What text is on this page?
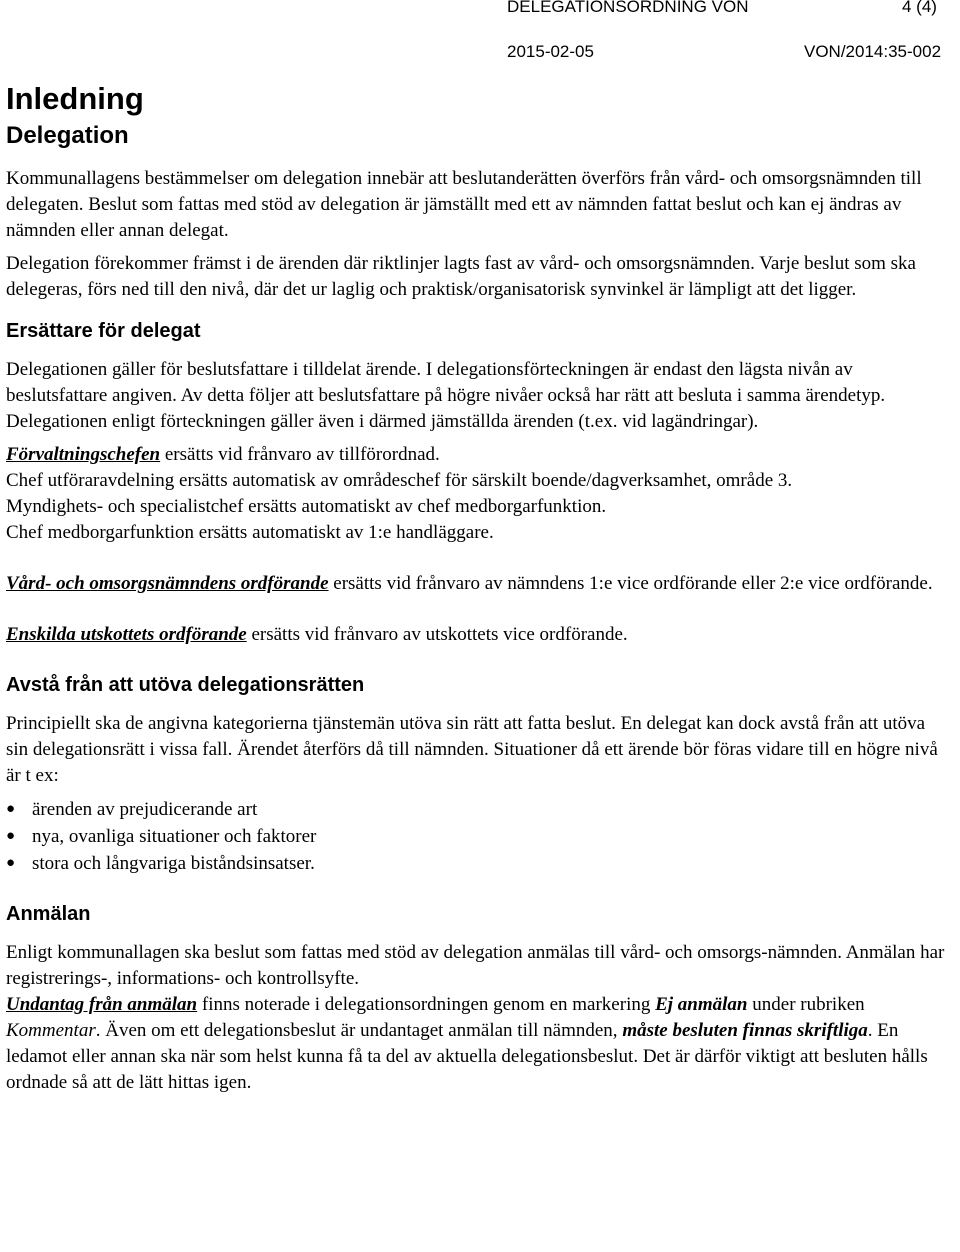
DELEGATIONSORDNING VON	4 (4)
2015-02-05	VON/2014:35-002
Inledning
Delegation

Kommunallagens bestämmelser om delegation innebär att beslutanderätten överförs från vård- och omsorgsnämnden till delegaten. Beslut som fattas med stöd av delegation är jämställt med ett av nämnden fattat beslut och kan ej ändras av nämnden eller annan delegat.

Delegation förekommer främst i de ärenden där riktlinjer lagts fast av vård- och omsorgsnämnden. Varje beslut som ska delegeras, förs ned till den nivå, där det ur laglig och praktisk/organisatorisk synvinkel är lämpligt att det ligger.

Ersättare för delegat

Delegationen gäller för beslutsfattare i tilldelat ärende. I delegationsförteckningen är endast den lägsta nivån av beslutsfattare angiven. Av detta följer att beslutsfattare på högre nivåer också har rätt att besluta i samma ärendetyp. Delegationen enligt förteckningen gäller även i därmed jämställda ärenden (t.ex. vid lagändringar).

Förvaltningschefen ersätts vid frånvaro av tillförordnad.

Chef utföraravdelning ersätts automatisk av områdeschef för särskilt boende/dagverksamhet, område 3.

Myndighets- och specialistchef ersätts automatiskt av chef medborgarfunktion.

Chef medborgarfunktion ersätts automatiskt av 1:e handläggare.

Vård- och omsorgsnämndens ordförande ersätts vid frånvaro av nämndens 1:e vice ordförande eller 2:e vice ordförande.

Enskilda utskottets ordförande ersätts vid frånvaro av utskottets vice ordförande.

Avstå från att utöva delegationsrätten

Principiellt ska de angivna kategorierna tjänstemän utöva sin rätt att fatta beslut. En delegat kan dock avstå från att utöva sin delegationsrätt i vissa fall. Ärendet återförs då till nämnden. Situationer då ett ärende bör föras vidare till en högre nivå är t ex:

● ärenden av prejudicerande art
● nya, ovanliga situationer och faktorer
● stora och långvariga biståndsinsatser.
Anmälan

Enligt kommunallagen ska beslut som fattas med stöd av delegation anmälas till vård- och omsorgs-nämnden. Anmälan har registrerings-, informations- och kontrollsyfte.

Undantag från anmälan finns noterade i delegationsordningen genom en markering Ej anmälan under rubriken

Kommentar. Även om ett delegationsbeslut är undantaget anmälan till nämnden, måste besluten finnas skriftliga. En ledamot eller annan ska när som helst kunna få ta del av aktuella delegationsbeslut. Det är därför viktigt att besluten hålls ordnade så att de lätt hittas igen.
